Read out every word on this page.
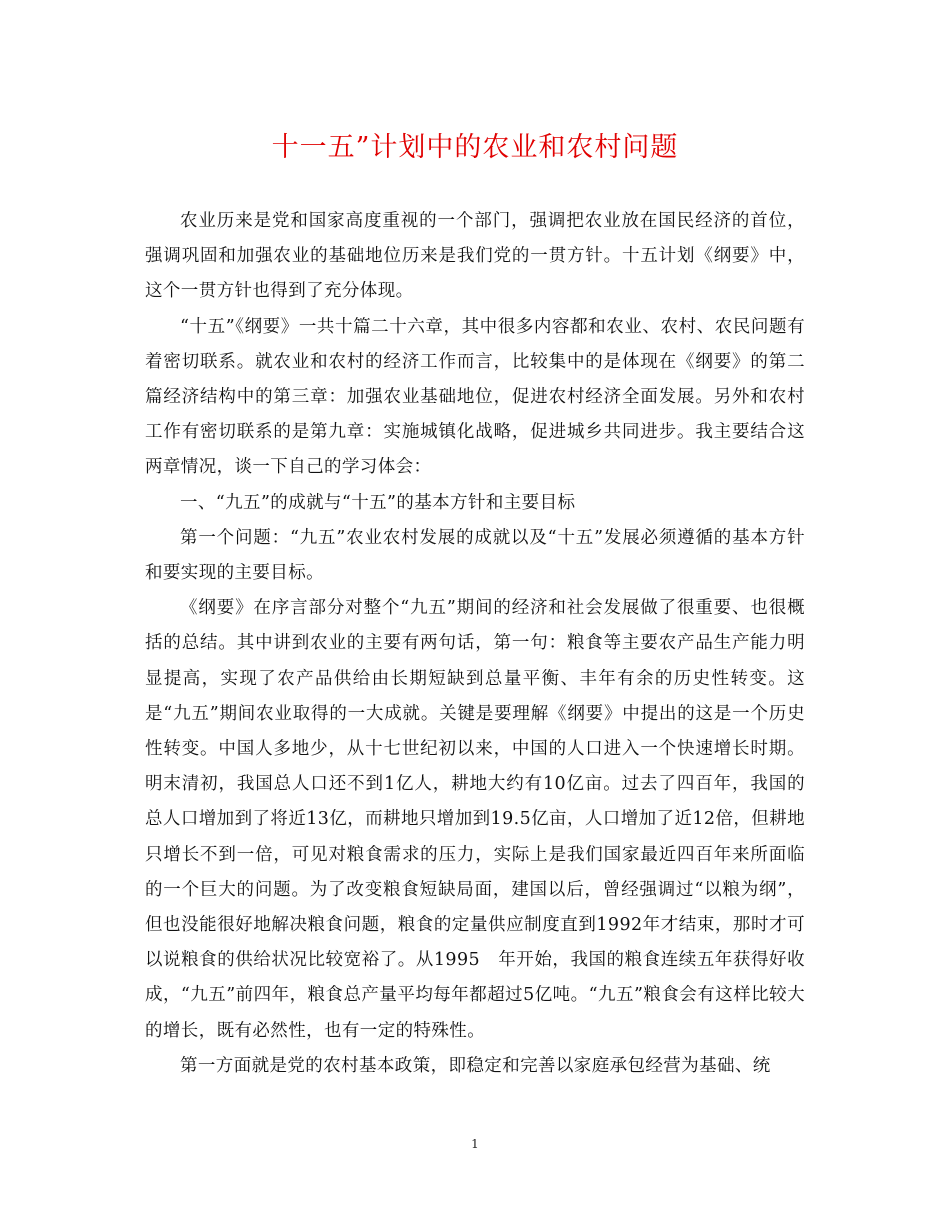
十一五”计划中的农业和农村问题

农业历来是党和国家高度重视的一个部门，强调把农业放在国民经济的首位，强调巩固和加强农业的基础地位历来是我们党的一贯方针。十五计划《纲要》中，这个一贯方针也得到了充分体现。

“十五”《纲要》一共十篇二十六章，其中很多内容都和农业、农村、农民问题有着密切联系。就农业和农村的经济工作而言，比较集中的是体现在《纲要》的第二篇经济结构中的第三章：加强农业基础地位，促进农村经济全面发展。另外和农村工作有密切联系的是第九章：实施城镇化战略，促进城乡共同进步。我主要结合这两章情况，谈一下自己的学习体会：

一、“九五”的成就与“十五”的基本方针和主要目标

第一个问题：“九五”农业农村发展的成就以及“十五”发展必须遵循的基本方针和要实现的主要目标。

《纲要》在序言部分对整个“九五”期间的经济和社会发展做了很重要、也很概括的总结。其中讲到农业的主要有两句话，第一句：粮食等主要农产品生产能力明显提高，实现了农产品供给由长期短缺到总量平衡、丰年有余的历史性转变。这是“九五”期间农业取得的一大成就。关键是要理解《纲要》中提出的这是一个历史性转变。中国人多地少，从十七世纪初以来，中国的人口进入一个快速增长时期。明末清初，我国总人口还不到1亿人，耕地大约有10亿亩。过去了四百年，我国的总人口增加到了将近13亿，而耕地只增加到19.5亿亩，人口增加了近12倍，但耕地只增长不到一倍，可见对粮食需求的压力，实际上是我们国家最近四百年来所面临的一个巨大的问题。为了改变粮食短缺局面，建国以后，曾经强调过“以粮为纲”，但也没能很好地解决粮食问题，粮食的定量供应制度直到1992年才结束，那时才可以说粮食的供给状况比较宽裕了。从1995　年开始，我国的粮食连续五年获得好收成，“九五”前四年，粮食总产量平均每年都超过5亿吨。“九五”粮食会有这样比较大的增长，既有必然性，也有一定的特殊性。

第一方面就是党的农村基本政策，即稳定和完善以家庭承包经营为基础、统

1
